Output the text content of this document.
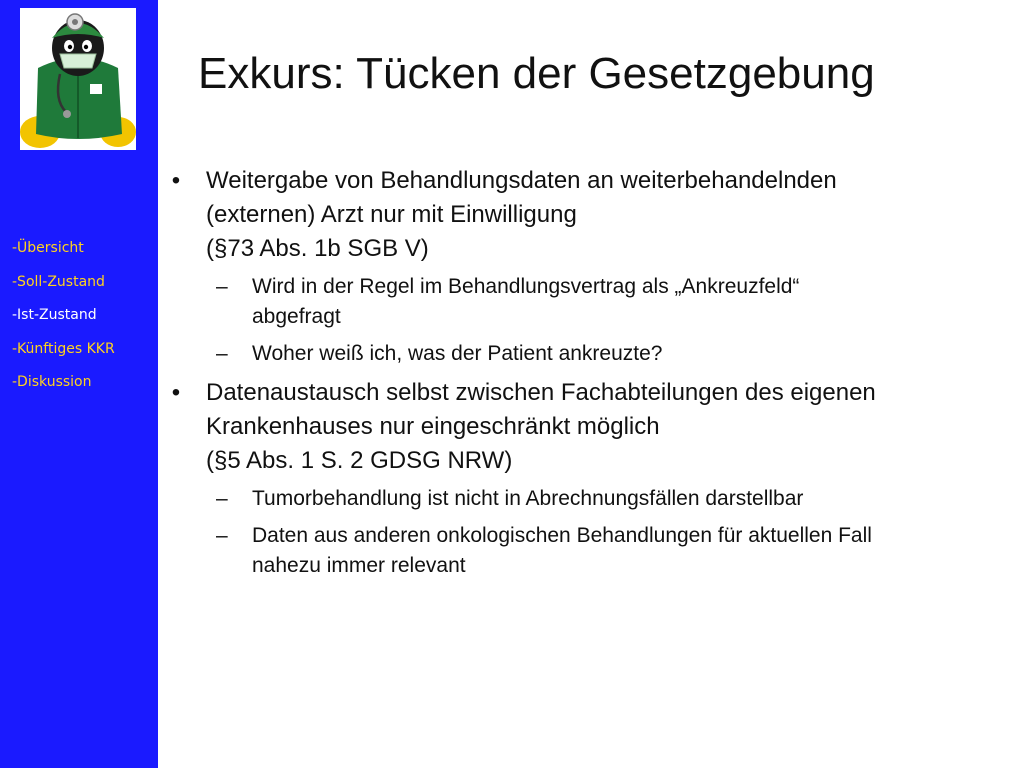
-Übersicht
-Soll-Zustand
-Ist-Zustand
-Künftiges KKR
-Diskussion
Exkurs: Tücken der Gesetzgebung
• Weitergabe von Behandlungsdaten an weiterbehandelnden
(externen) Arzt nur mit Einwilligung
(§73 Abs. 1b SGB V)
– Wird in der Regel im Behandlungsvertrag als „Ankreuzfeld“
abgefragt
– Woher weiß ich, was der Patient ankreuzte?
• Datenaustausch selbst zwischen Fachabteilungen des eigenen
Krankenhauses nur eingeschränkt möglich
(§5 Abs. 1 S. 2 GDSG NRW)
– Tumorbehandlung ist nicht in Abrechnungsfällen darstellbar
– Daten aus anderen onkologischen Behandlungen für aktuellen Fall
nahezu immer relevant
